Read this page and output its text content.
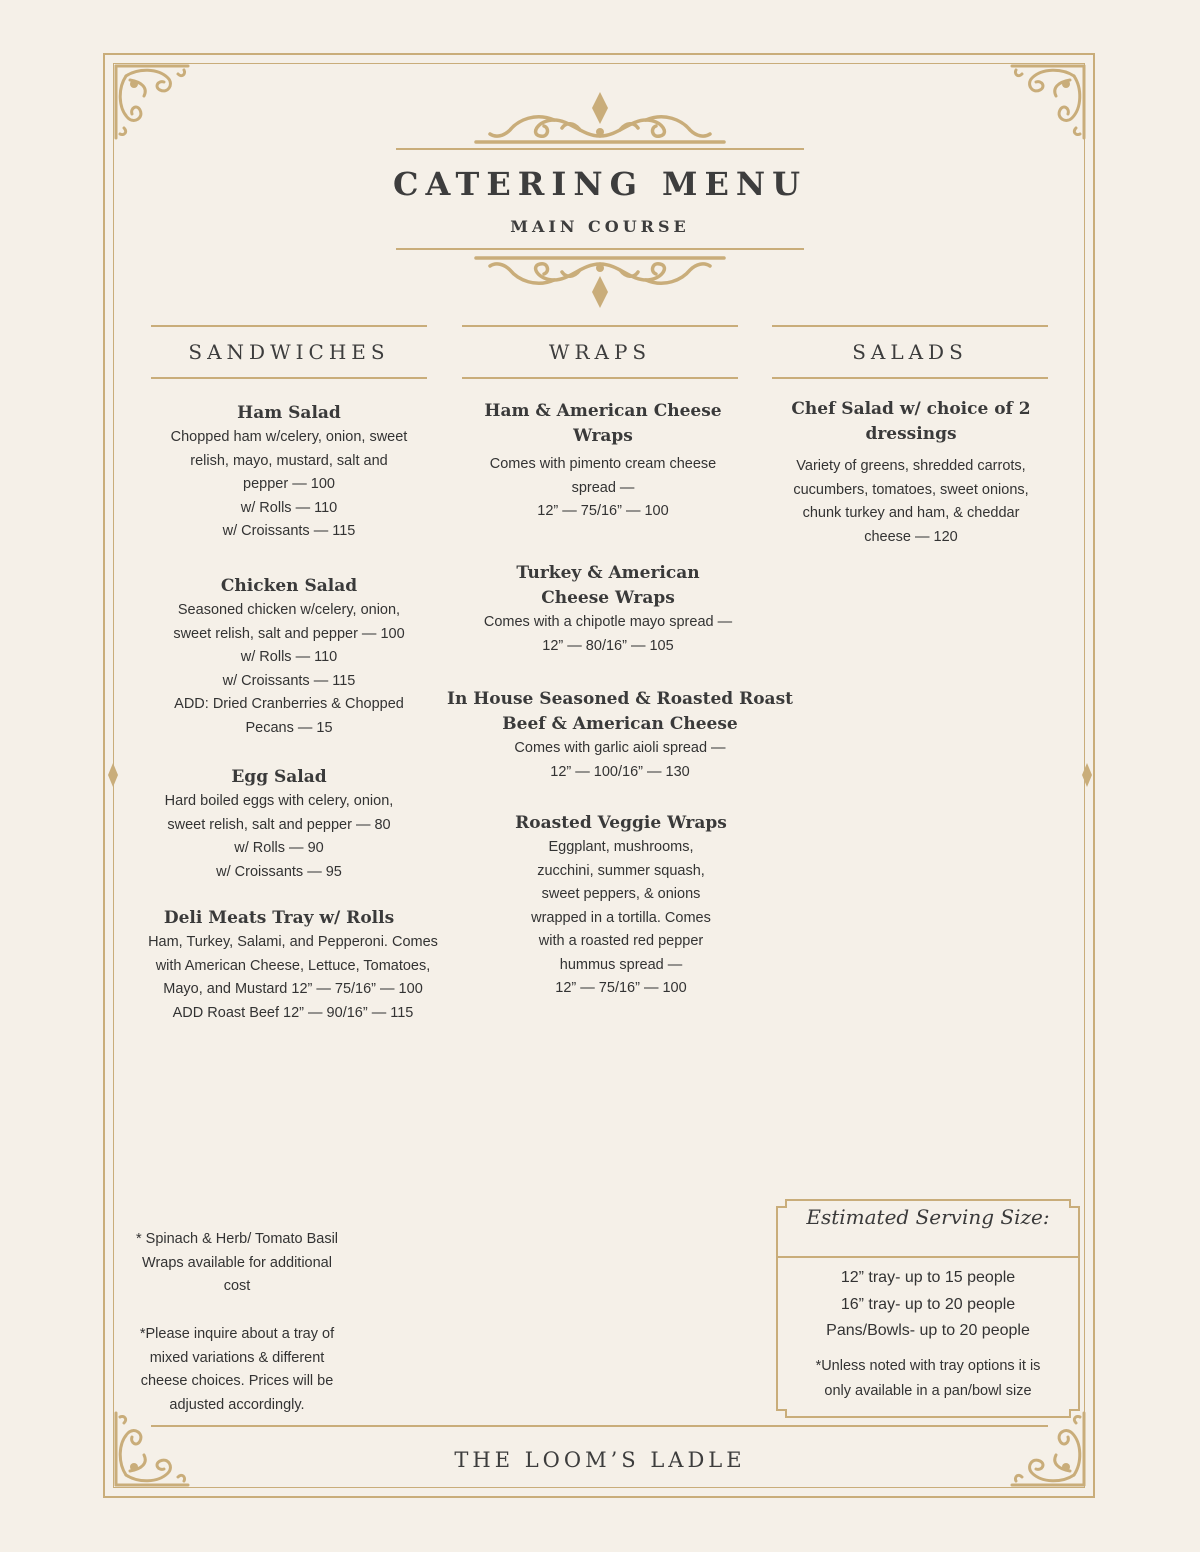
CATERING MENU
MAIN COURSE
SANDWICHES	WRAPS	SALADS
Ham Salad
Chopped ham w/celery, onion, sweet
relish, mayo, mustard, salt and
pepper — 100
w/ Rolls — 110
w/ Croissants — 115
Chicken Salad
Seasoned chicken w/celery, onion,
sweet relish, salt and pepper — 100
w/ Rolls — 110
w/ Croissants — 115
ADD: Dried Cranberries & Chopped
Pecans — 15
Egg Salad
Hard boiled eggs with celery, onion,
sweet relish, salt and pepper — 80
w/ Rolls — 90
w/ Croissants — 95
Deli Meats Tray w/ Rolls
Ham, Turkey, Salami, and Pepperoni. Comes
with American Cheese, Lettuce, Tomatoes,
Mayo, and Mustard 12” — 75/16” — 100
ADD Roast Beef 12” — 90/16” — 115
Ham & American Cheese
Wraps
Comes with pimento cream cheese
spread —
12” — 75/16” — 100
Turkey & American
Cheese Wraps
Comes with a chipotle mayo spread —
12” — 80/16” — 105
In House Seasoned & Roasted Roast
Beef & American Cheese
Comes with garlic aioli spread —
12” — 100/16” — 130
Roasted Veggie Wraps
Eggplant, mushrooms,
zucchini, summer squash,
sweet peppers, & onions
wrapped in a tortilla. Comes
with a roasted red pepper
hummus spread —
12” — 75/16” — 100
Chef Salad w/ choice of 2
dressings
Variety of greens, shredded carrots,
cucumbers, tomatoes, sweet onions,
chunk turkey and ham, & cheddar
cheese — 120
* Spinach & Herb/ Tomato Basil
Wraps available for additional
cost
*Please inquire about a tray of
mixed variations & different
cheese choices. Prices will be
adjusted accordingly.
Estimated Serving Size:
12” tray- up to 15 people
16” tray- up to 20 people
Pans/Bowls- up to 20 people
*Unless noted with tray options it is
only available in a pan/bowl size
THE LOOM’S LADLE
